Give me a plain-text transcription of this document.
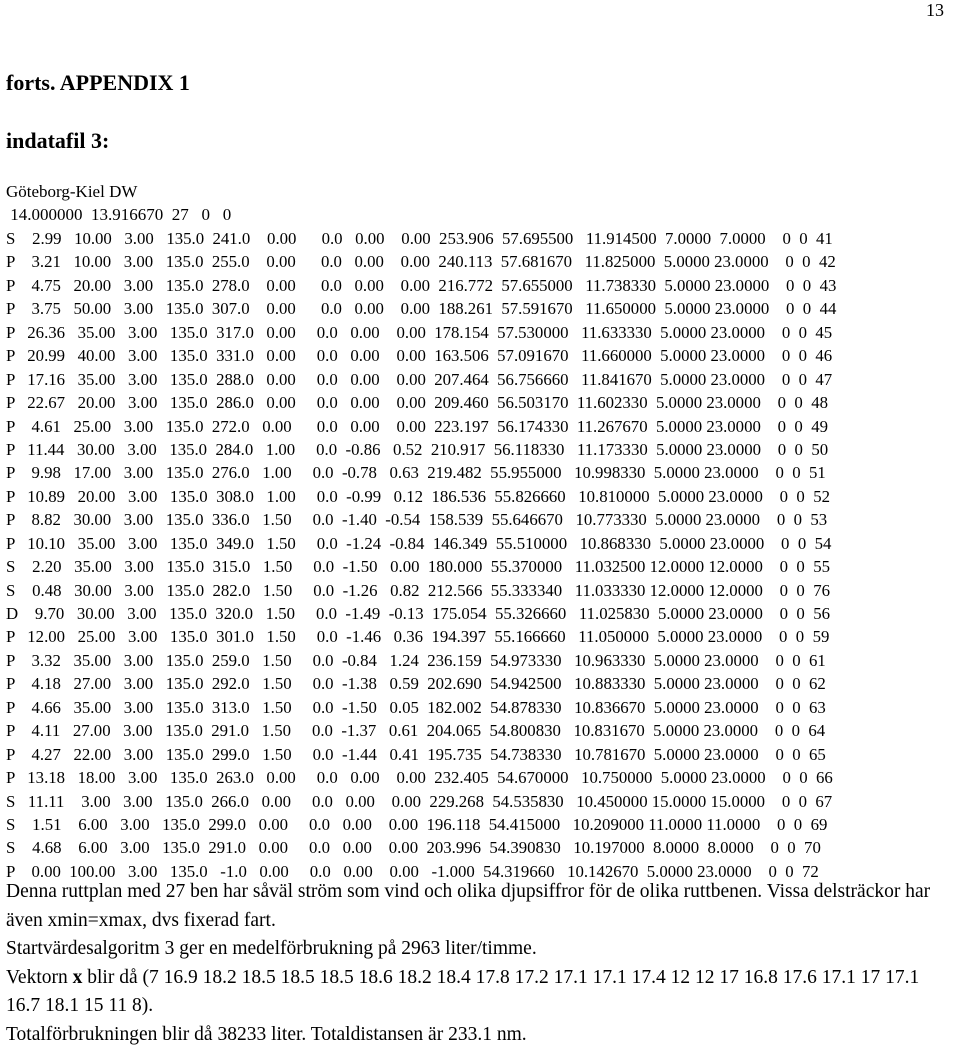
13
forts. APPENDIX 1
indatafil 3:
Göteborg-Kiel DW
14.000000  13.916670  27   0   0
S    2.99   10.00   3.00   135.0  241.0    0.00      0.0   0.00    0.00  253.906  57.695500   11.914500  7.0000  7.0000    0  0  41
P    3.21   10.00   3.00   135.0  255.0    0.00      0.0   0.00    0.00  240.113  57.681670   11.825000  5.0000 23.0000    0  0  42
P    4.75   20.00   3.00   135.0  278.0    0.00      0.0   0.00    0.00  216.772  57.655000   11.738330  5.0000 23.0000    0  0  43
P    3.75   50.00   3.00   135.0  307.0    0.00      0.0   0.00    0.00  188.261  57.591670   11.650000  5.0000 23.0000    0  0  44
P   26.36   35.00   3.00   135.0  317.0   0.00     0.0   0.00    0.00  178.154  57.530000   11.633330  5.0000 23.0000    0  0  45
P   20.99   40.00   3.00   135.0  331.0   0.00     0.0   0.00    0.00  163.506  57.091670   11.660000  5.0000 23.0000    0  0  46
P   17.16   35.00   3.00   135.0  288.0   0.00     0.0   0.00    0.00  207.464  56.756660   11.841670  5.0000 23.0000    0  0  47
P   22.67   20.00   3.00   135.0  286.0   0.00     0.0   0.00    0.00  209.460  56.503170  11.602330  5.0000 23.0000    0  0  48
P    4.61   25.00   3.00   135.0  272.0   0.00      0.0   0.00    0.00  223.197  56.174330  11.267670  5.0000 23.0000    0  0  49
P   11.44   30.00   3.00   135.0  284.0   1.00     0.0  -0.86   0.52  210.917  56.118330   11.173330  5.0000 23.0000    0  0  50
P    9.98   17.00   3.00   135.0  276.0   1.00     0.0  -0.78   0.63  219.482  55.955000   10.998330  5.0000 23.0000    0  0  51
P   10.89   20.00   3.00   135.0  308.0   1.00     0.0  -0.99   0.12  186.536  55.826660   10.810000  5.0000 23.0000    0  0  52
P    8.82   30.00   3.00   135.0  336.0   1.50     0.0  -1.40  -0.54  158.539  55.646670   10.773330  5.0000 23.0000    0  0  53
P   10.10   35.00   3.00   135.0  349.0   1.50     0.0  -1.24  -0.84  146.349  55.510000   10.868330  5.0000 23.0000    0  0  54
S    2.20   35.00   3.00   135.0  315.0   1.50     0.0  -1.50   0.00  180.000  55.370000   11.032500 12.0000 12.0000    0  0  55
S    0.48   30.00   3.00   135.0  282.0   1.50     0.0  -1.26   0.82  212.566  55.333340   11.033330 12.0000 12.0000    0  0  76
D    9.70   30.00   3.00   135.0  320.0   1.50     0.0  -1.49  -0.13  175.054  55.326660   11.025830  5.0000 23.0000    0  0  56
P   12.00   25.00   3.00   135.0  301.0   1.50     0.0  -1.46   0.36  194.397  55.166660   11.050000  5.0000 23.0000    0  0  59
P    3.32   35.00   3.00   135.0  259.0   1.50     0.0  -0.84   1.24  236.159  54.973330   10.963330  5.0000 23.0000    0  0  61
P    4.18   27.00   3.00   135.0  292.0   1.50     0.0  -1.38   0.59  202.690  54.942500   10.883330  5.0000 23.0000    0  0  62
P    4.66   35.00   3.00   135.0  313.0   1.50     0.0  -1.50   0.05  182.002  54.878330   10.836670  5.0000 23.0000    0  0  63
P    4.11   27.00   3.00   135.0  291.0   1.50     0.0  -1.37   0.61  204.065  54.800830   10.831670  5.0000 23.0000    0  0  64
P    4.27   22.00   3.00   135.0  299.0   1.50     0.0  -1.44   0.41  195.735  54.738330   10.781670  5.0000 23.0000    0  0  65
P   13.18   18.00   3.00   135.0  263.0   0.00     0.0   0.00    0.00  232.405  54.670000   10.750000  5.0000 23.0000    0  0  66
S   11.11    3.00   3.00   135.0  266.0   0.00     0.0   0.00    0.00  229.268  54.535830   10.450000 15.0000 15.0000    0  0  67
S    1.51    6.00   3.00   135.0  299.0   0.00     0.0   0.00    0.00  196.118  54.415000   10.209000 11.0000 11.0000    0  0  69
S    4.68    6.00   3.00   135.0  291.0   0.00     0.0   0.00    0.00  203.996  54.390830   10.197000  8.0000  8.0000    0  0  70
P    0.00  100.00   3.00   135.0   -1.0   0.00     0.0   0.00    0.00   -1.000  54.319660   10.142670  5.0000 23.0000    0  0  72

Denna ruttplan med 27 ben har såväl ström som vind och olika djupsiffror för de olika ruttbenen. Vissa delsträckor har även xmin=xmax, dvs fixerad fart.

Startvärdesalgoritm 3 ger en medelförbrukning på 2963 liter/timme.

Vektorn x blir då (7 16.9 18.2 18.5 18.5 18.5 18.6 18.2 18.4 17.8 17.2 17.1 17.1 17.4 12 12 17 16.8 17.6 17.1 17 17.1 16.7 18.1 15 11 8).

Totalförbrukningen blir då 38233 liter. Totaldistansen är 233.1 nm.
